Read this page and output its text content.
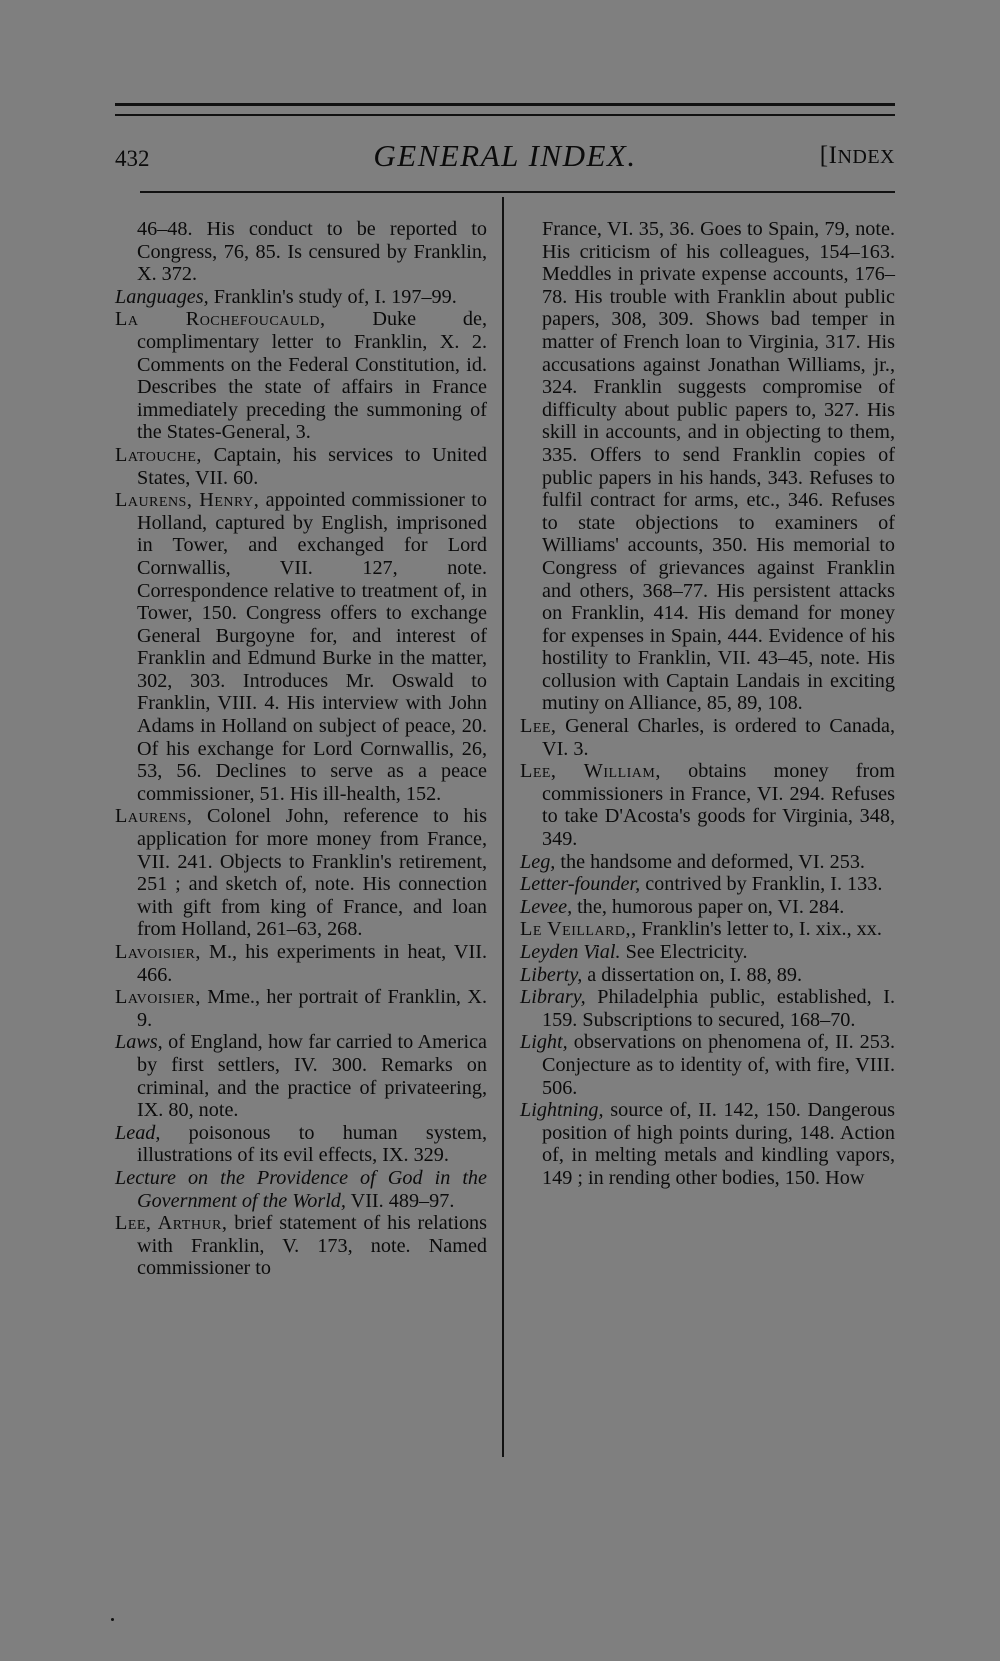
432	GENERAL INDEX.	[INDEX

46–48. His conduct to be reported to Congress, 76, 85. Is censured by Franklin, X. 372.

Languages, Franklin's study of, I. 197–99.

La Rochefoucauld, Duke de, complimentary letter to Franklin, X. 2. Comments on the Federal Constitution, id. Describes the state of affairs in France immediately preceding the summoning of the States-General, 3.

Latouche, Captain, his services to United States, VII. 60.

Laurens, Henry, appointed commissioner to Holland, captured by English, imprisoned in Tower, and exchanged for Lord Cornwallis, VII. 127, note. Correspondence relative to treatment of, in Tower, 150. Congress offers to exchange General Burgoyne for, and interest of Franklin and Edmund Burke in the matter, 302, 303. Introduces Mr. Oswald to Franklin, VIII. 4. His interview with John Adams in Holland on subject of peace, 20. Of his exchange for Lord Cornwallis, 26, 53, 56. Declines to serve as a peace commissioner, 51. His ill-health, 152.

Laurens, Colonel John, reference to his application for more money from France, VII. 241. Objects to Franklin's retirement, 251 ; and sketch of, note. His connection with gift from king of France, and loan from Holland, 261–63, 268.

Lavoisier, M., his experiments in heat, VII. 466.

Lavoisier, Mme., her portrait of Franklin, X. 9.

Laws, of England, how far carried to America by first settlers, IV. 300. Remarks on criminal, and the practice of privateering, IX. 80, note.

Lead, poisonous to human system, illustrations of its evil effects, IX. 329.

Lecture on the Providence of God in the Government of the World, VII. 489–97.

Lee, Arthur, brief statement of his relations with Franklin, V. 173, note. Named commissioner to

France, VI. 35, 36. Goes to Spain, 79, note. His criticism of his colleagues, 154–163. Meddles in private expense accounts, 176–78. His trouble with Franklin about public papers, 308, 309. Shows bad temper in matter of French loan to Virginia, 317. His accusations against Jonathan Williams, jr., 324. Franklin suggests compromise of difficulty about public papers to, 327. His skill in accounts, and in objecting to them, 335. Offers to send Franklin copies of public papers in his hands, 343. Refuses to fulfil contract for arms, etc., 346. Refuses to state objections to examiners of Williams' accounts, 350. His memorial to Congress of grievances against Franklin and others, 368–77. His persistent attacks on Franklin, 414. His demand for money for expenses in Spain, 444. Evidence of his hostility to Franklin, VII. 43–45, note. His collusion with Captain Landais in exciting mutiny on Alliance, 85, 89, 108.

Lee, General Charles, is ordered to Canada, VI. 3.

Lee, William, obtains money from commissioners in France, VI. 294. Refuses to take D'Acosta's goods for Virginia, 348, 349.

Leg, the handsome and deformed, VI. 253.

Letter-founder, contrived by Franklin, I. 133.

Levee, the, humorous paper on, VI. 284.

Le Veillard,, Franklin's letter to, I. xix., xx.

Leyden Vial. See Electricity.

Liberty, a dissertation on, I. 88, 89.

Library, Philadelphia public, established, I. 159. Subscriptions to secured, 168–70.

Light, observations on phenomena of, II. 253. Conjecture as to identity of, with fire, VIII. 506.

Lightning, source of, II. 142, 150. Dangerous position of high points during, 148. Action of, in melting metals and kindling vapors, 149 ; in rending other bodies, 150. How
